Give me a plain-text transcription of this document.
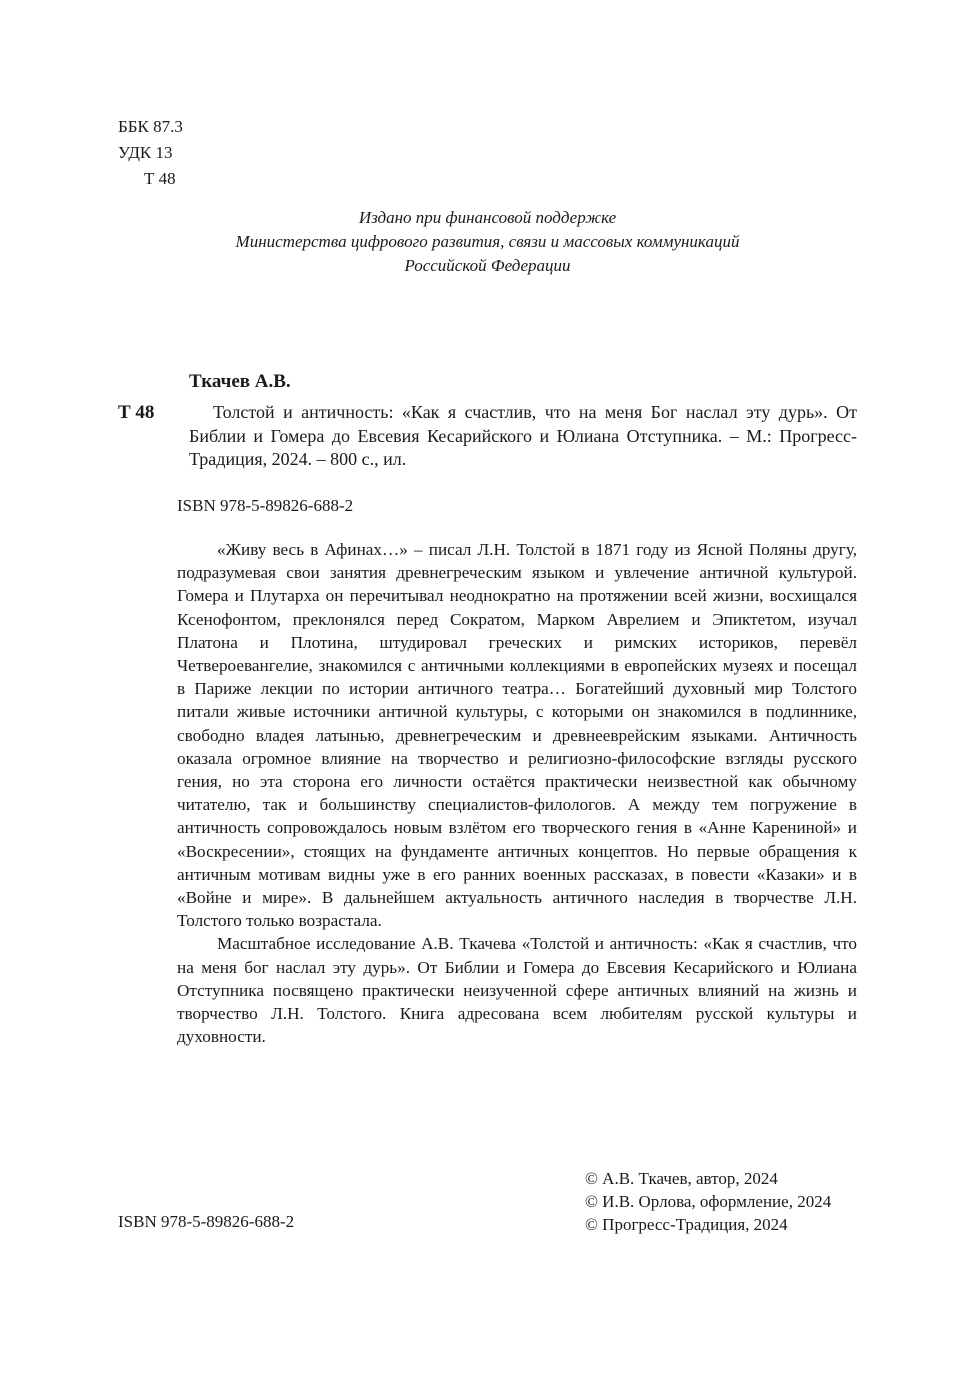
ББК 87.3
УДК 13
Т 48
Издано при финансовой поддержке
Министерства цифрового развития, связи и массовых коммуникаций
Российской Федерации
Ткачев А.В.
Т 48	Толстой и античность: «Как я счастлив, что на меня Бог наслал эту дурь». От Библии и Гомера до Евсевия Кесарийского и Юлиана Отступника. – М.: Прогресс-Традиция, 2024. – 800 с., ил.
ISBN 978-5-89826-688-2

«Живу весь в Афинах…» – писал Л.Н. Толстой в 1871 году из Ясной Поляны другу, подразумевая свои занятия древнегреческим языком и увлечение античной культурой. Гомера и Плутарха он перечитывал неоднократно на протяжении всей жизни, восхищался Ксенофонтом, преклонялся перед Сократом, Марком Аврелием и Эпиктетом, изучал Платона и Плотина, штудировал греческих и римских историков, перевёл Четвероевангелие, знакомился с античными коллекциями в европейских музеях и посещал в Париже лекции по истории античного театра… Богатейший духовный мир Толстого питали живые источники античной культуры, с которыми он знакомился в подлиннике, свободно владея латынью, древнегреческим и древнееврейским языками. Античность оказала огромное влияние на творчество и религиозно-философские взгляды русского гения, но эта сторона его личности остаётся практически неизвестной как обычному читателю, так и большинству специалистов-филологов. А между тем погружение в античность сопровождалось новым взлётом его творческого гения в «Анне Карениной» и «Воскресении», стоящих на фундаменте античных концептов. Но первые обращения к античным мотивам видны уже в его ранних военных рассказах, в повести «Казаки» и в «Войне и мире». В дальнейшем актуальность античного наследия в творчестве Л.Н. Толстого только возрастала.

Масштабное исследование А.В. Ткачева «Толстой и античность: «Как я счастлив, что на меня бог наслал эту дурь». От Библии и Гомера до Евсевия Кесарийского и Юлиана Отступника посвящено практически неизученной сфере античных влияний на жизнь и творчество Л.Н. Толстого. Книга адресована всем любителям русской культуры и духовности.

© А.В. Ткачев, автор, 2024
© И.В. Орлова, оформление, 2024
© Прогресс-Традиция, 2024
ISBN 978-5-89826-688-2
